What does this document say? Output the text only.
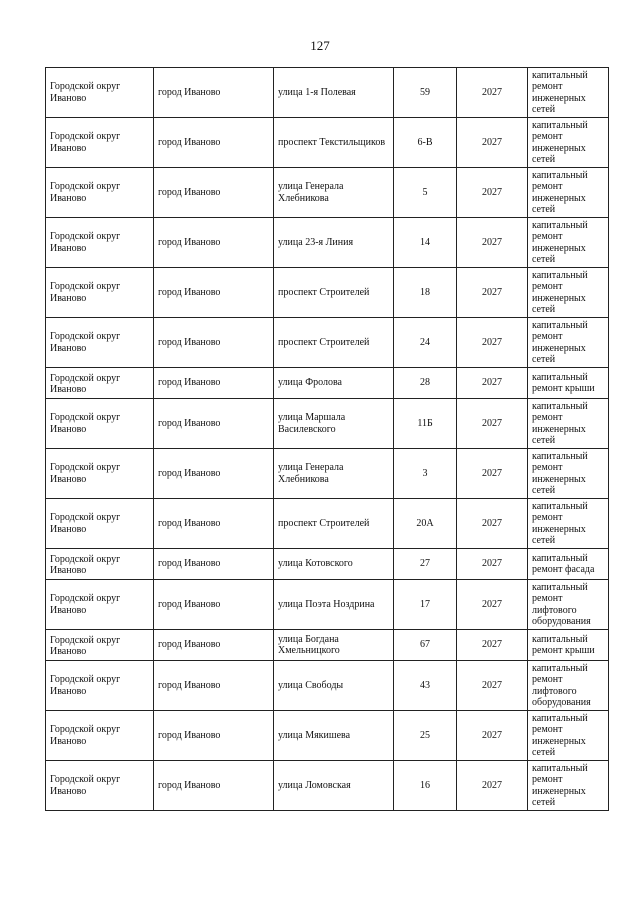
127
Городской округ Иваново	город Иваново	улица 1-я Полевая	59	2027	капитальный ремонт инженерных сетей
Городской округ Иваново	город Иваново	проспект Текстильщиков	6-В	2027	капитальный ремонт инженерных сетей
Городской округ Иваново	город Иваново	улица Генерала Хлебникова	5	2027	капитальный ремонт инженерных сетей
Городской округ Иваново	город Иваново	улица 23-я Линия	14	2027	капитальный ремонт инженерных сетей
Городской округ Иваново	город Иваново	проспект Строителей	18	2027	капитальный ремонт инженерных сетей
Городской округ Иваново	город Иваново	проспект Строителей	24	2027	капитальный ремонт инженерных сетей
Городской округ Иваново	город Иваново	улица Фролова	28	2027	капитальный ремонт крыши
Городской округ Иваново	город Иваново	улица Маршала Василевского	11Б	2027	капитальный ремонт инженерных сетей
Городской округ Иваново	город Иваново	улица Генерала Хлебникова	3	2027	капитальный ремонт инженерных сетей
Городской округ Иваново	город Иваново	проспект Строителей	20А	2027	капитальный ремонт инженерных сетей
Городской округ Иваново	город Иваново	улица Котовского	27	2027	капитальный ремонт фасада
Городской округ Иваново	город Иваново	улица Поэта Ноздрина	17	2027	капитальный ремонт лифтового оборудования
Городской округ Иваново	город Иваново	улица Богдана Хмельницкого	67	2027	капитальный ремонт крыши
Городской округ Иваново	город Иваново	улица Свободы	43	2027	капитальный ремонт лифтового оборудования
Городской округ Иваново	город Иваново	улица Мякишева	25	2027	капитальный ремонт инженерных сетей
Городской округ Иваново	город Иваново	улица Ломовская	16	2027	капитальный ремонт инженерных сетей
